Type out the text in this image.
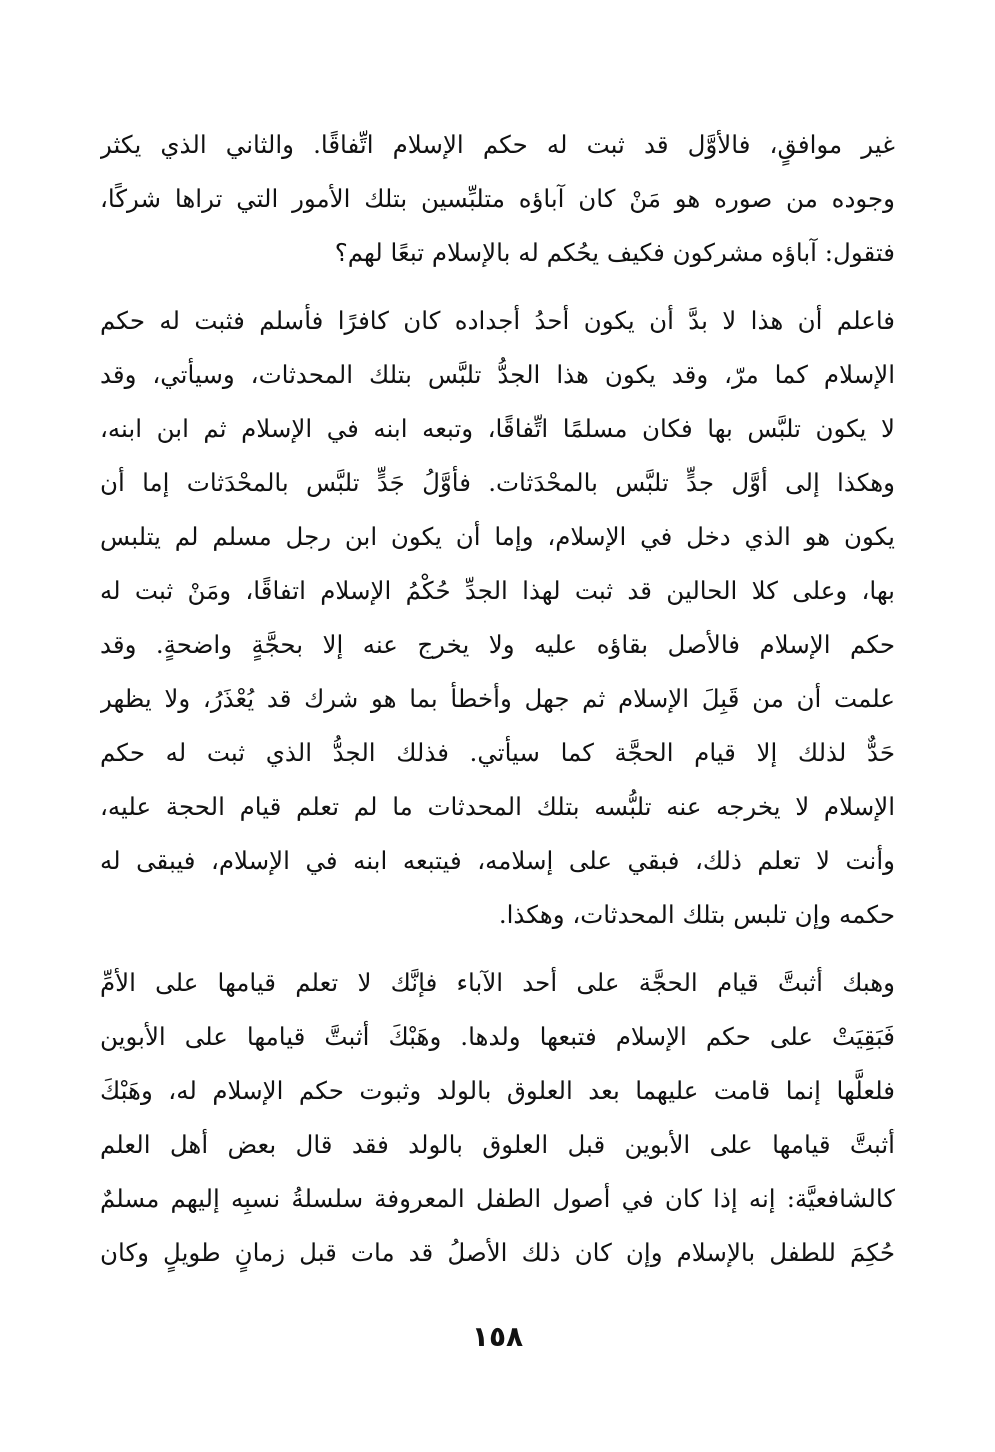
غير موافقٍ، فالأوَّل قد ثبت له حكم الإسلام اتِّفاقًا. والثاني الذي يكثر
وجوده من صوره هو مَنْ كان آباؤه متلبِّسين بتلك الأمور التي تراها شركًا،
فتقول: آباؤه مشركون فكيف يحُكم له بالإسلام تبعًا لهم؟
فاعلم أن هذا لا بدَّ أن يكون أحدُ أجداده كان كافرًا فأسلم فثبت له حكم
الإسلام كما مرّ، وقد يكون هذا الجدُّ تلبَّس بتلك المحدثات، وسيأتي، وقد
لا يكون تلبَّس بها فكان مسلمًا اتِّفاقًا، وتبعه ابنه في الإسلام ثم ابن ابنه،
وهكذا إلى أوَّل جدٍّ تلبَّس بالمحْدَثات. فأوَّلُ جَدٍّ تلبَّس بالمحْدَثات إما أن
يكون هو الذي دخل في الإسلام، وإما أن يكون ابن رجل مسلم لم يتلبس
بها، وعلى كلا الحالين قد ثبت لهذا الجدِّ حُكْمُ الإسلام اتفاقًا، ومَنْ ثبت له
حكم الإسلام فالأصل بقاؤه عليه ولا يخرج عنه إلا بحجَّةٍ واضحةٍ. وقد
علمت أن من قَبِلَ الإسلام ثم جهل وأخطأ بما هو شرك قد يُعْذَرُ، ولا يظهر
حَدٌّ لذلك إلا قيام الحجَّة كما سيأتي. فذلك الجدُّ الذي ثبت له حكم
الإسلام لا يخرجه عنه تلبُّسه بتلك المحدثات ما لم تعلم قيام الحجة عليه،
وأنت لا تعلم ذلك، فبقي على إسلامه، فيتبعه ابنه في الإسلام، فيبقى له
حكمه وإن تلبس بتلك المحدثات، وهكذا.
وهبك أثبتَّ قيام الحجَّة على أحد الآباء فإنَّك لا تعلم قيامها على الأمِّ
فَبَقِيَتْ على حكم الإسلام فتبعها ولدها. وهَبْكَ أثبتَّ قيامها على الأبوين
فلعلَّها إنما قامت عليهما بعد العلوق بالولد وثبوت حكم الإسلام له، وهَبْكَ
أثبتَّ قيامها على الأبوين قبل العلوق بالولد فقد قال بعض أهل العلم
كالشافعيَّة: إنه إذا كان في أصول الطفل المعروفة سلسلةُ نسبِه إليهم مسلمٌ
حُكِمَ للطفل بالإسلام وإن كان ذلك الأصلُ قد مات قبل زمانٍ طويلٍ وكان
١٥٨
